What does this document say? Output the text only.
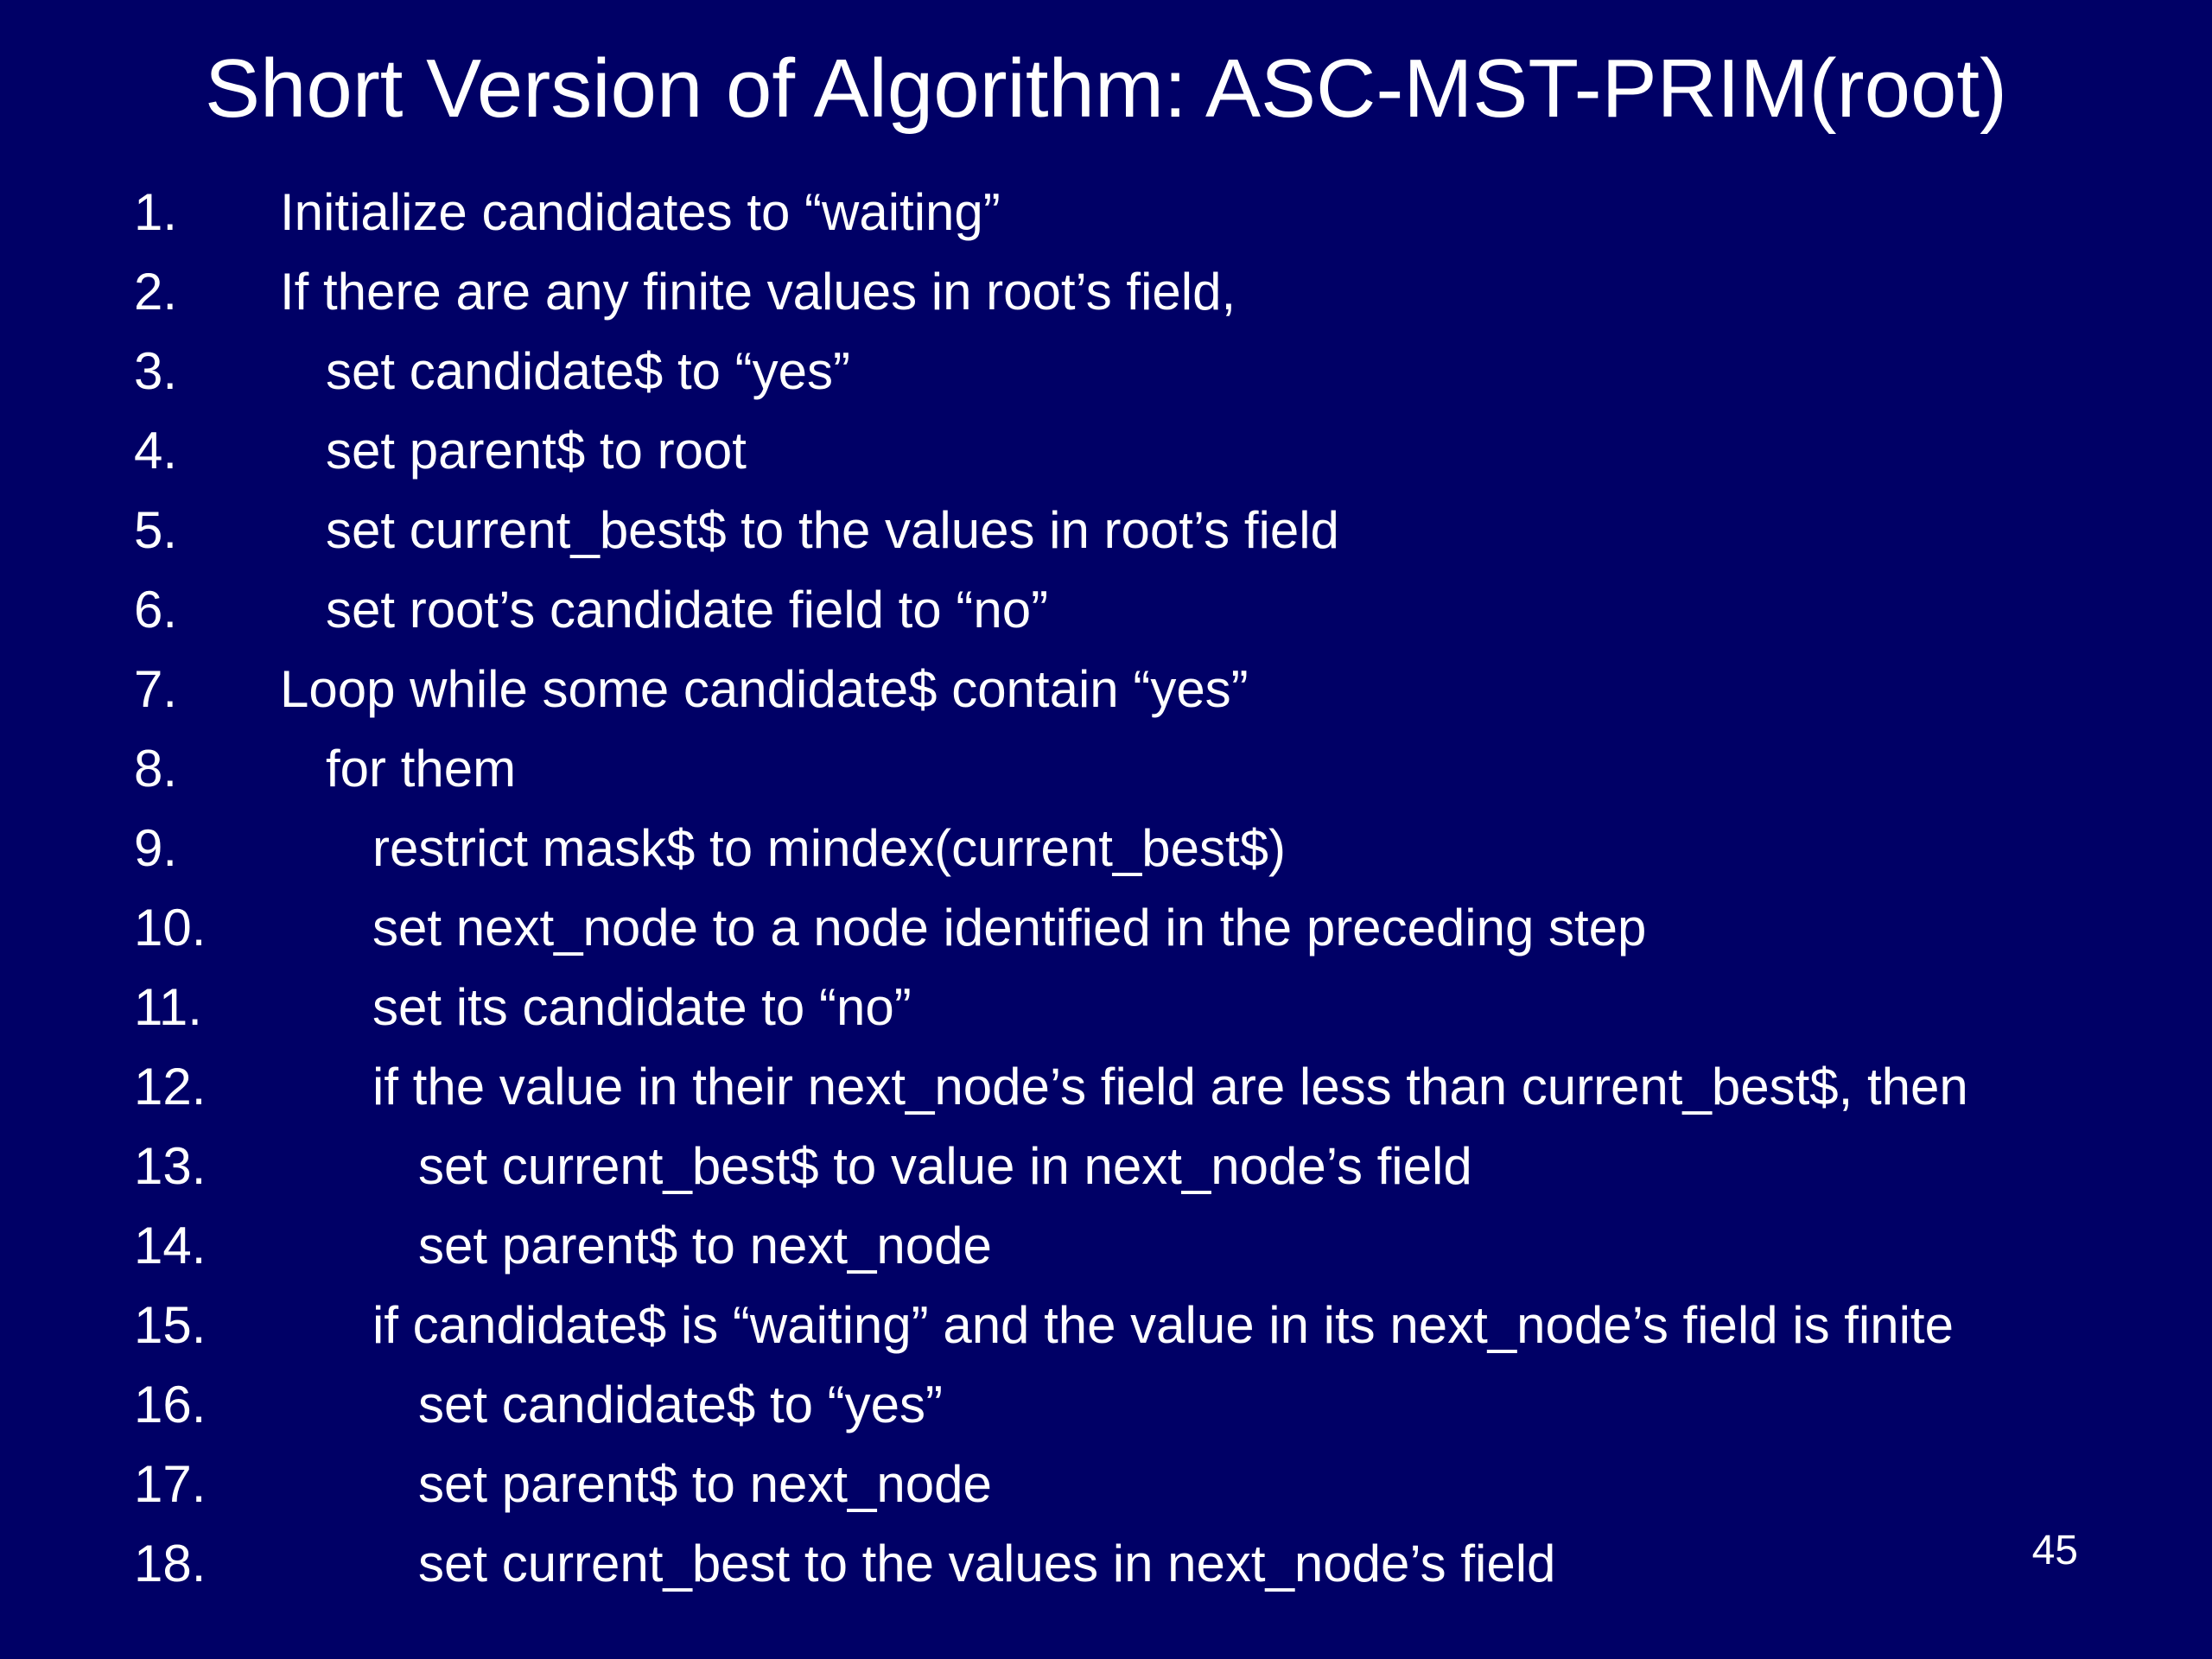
Short Version of Algorithm: ASC-MST-PRIM(root)
1. Initialize candidates to “waiting”
2. If there are any finite values in root’s field,
3.	set candidate$ to “yes”
4.	set parent$ to root
5.	set current_best$ to the values in root’s field
6.	set root’s candidate field to “no”
7. Loop while some candidate$ contain “yes”
8.	for them
9.	restrict mask$ to mindex(current_best$)
10.	set next_node to a node identified in the preceding step
11.	set its candidate to “no”
12.	if the value in their next_node’s field are less than current_best$, then
13.	set current_best$ to value in next_node’s field
14.	set parent$ to next_node
15.	if candidate$ is “waiting” and the value in its next_node’s field is finite
16.	set candidate$ to “yes”
17.	set parent$ to next_node
18.	set current_best to the values in next_node’s field	45
